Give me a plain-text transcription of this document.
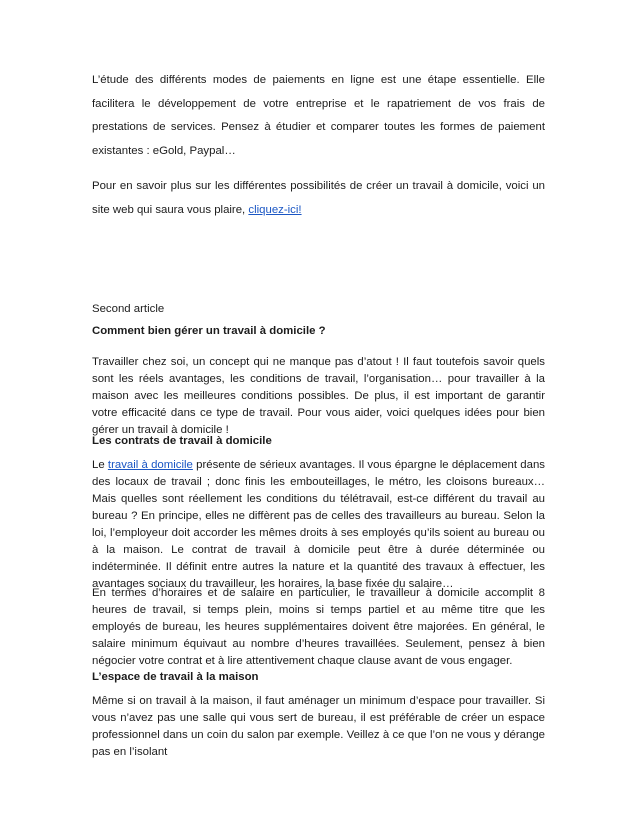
L’étude des différents modes de paiements en ligne est une étape essentielle. Elle facilitera le développement de votre entreprise et le rapatriement de vos frais de prestations de services. Pensez à étudier et comparer toutes les formes de paiement existantes : eGold, Paypal…

Pour en savoir plus sur les différentes possibilités de créer un travail à domicile, voici un site web qui saura vous plaire, cliquez-ici!

Second article

Comment bien gérer un travail à domicile ?

Travailler chez soi, un concept qui ne manque pas d’atout ! Il faut toutefois savoir quels sont les réels avantages, les conditions de travail, l’organisation… pour travailler à la maison avec les meilleures conditions possibles. De plus, il est important de garantir votre efficacité dans ce type de travail. Pour vous aider, voici quelques idées pour bien gérer un travail à domicile !

Les contrats de travail à domicile

Le travail à domicile présente de sérieux avantages. Il vous épargne le déplacement dans des locaux de travail ; donc finis les embouteillages, le métro, les cloisons bureaux… Mais quelles sont réellement les conditions du télétravail, est-ce différent du travail au bureau ? En principe, elles ne diffèrent pas de celles des travailleurs au bureau. Selon la loi, l’employeur doit accorder les mêmes droits à ses employés qu’ils soient au bureau ou à la maison. Le contrat de travail à domicile peut être à durée déterminée ou indéterminée. Il définit entre autres la nature et la quantité des travaux à effectuer, les avantages sociaux du travailleur, les horaires, la base fixée du salaire…

En termes d’horaires et de salaire en particulier, le travailleur à domicile accomplit 8 heures de travail, si temps plein, moins si temps partiel et au même titre que les employés de bureau, les heures supplémentaires doivent être majorées. En général, le salaire minimum équivaut au nombre d’heures travaillées. Seulement, pensez à bien négocier votre contrat et à lire attentivement chaque clause avant de vous engager.

L’espace de travail à la maison

Même si on travail à la maison, il faut aménager un minimum d’espace pour travailler. Si vous n’avez pas une salle qui vous sert de bureau, il est préférable de créer un espace professionnel dans un coin du salon par exemple. Veillez à ce que l’on ne vous y dérange pas en l’isolant
